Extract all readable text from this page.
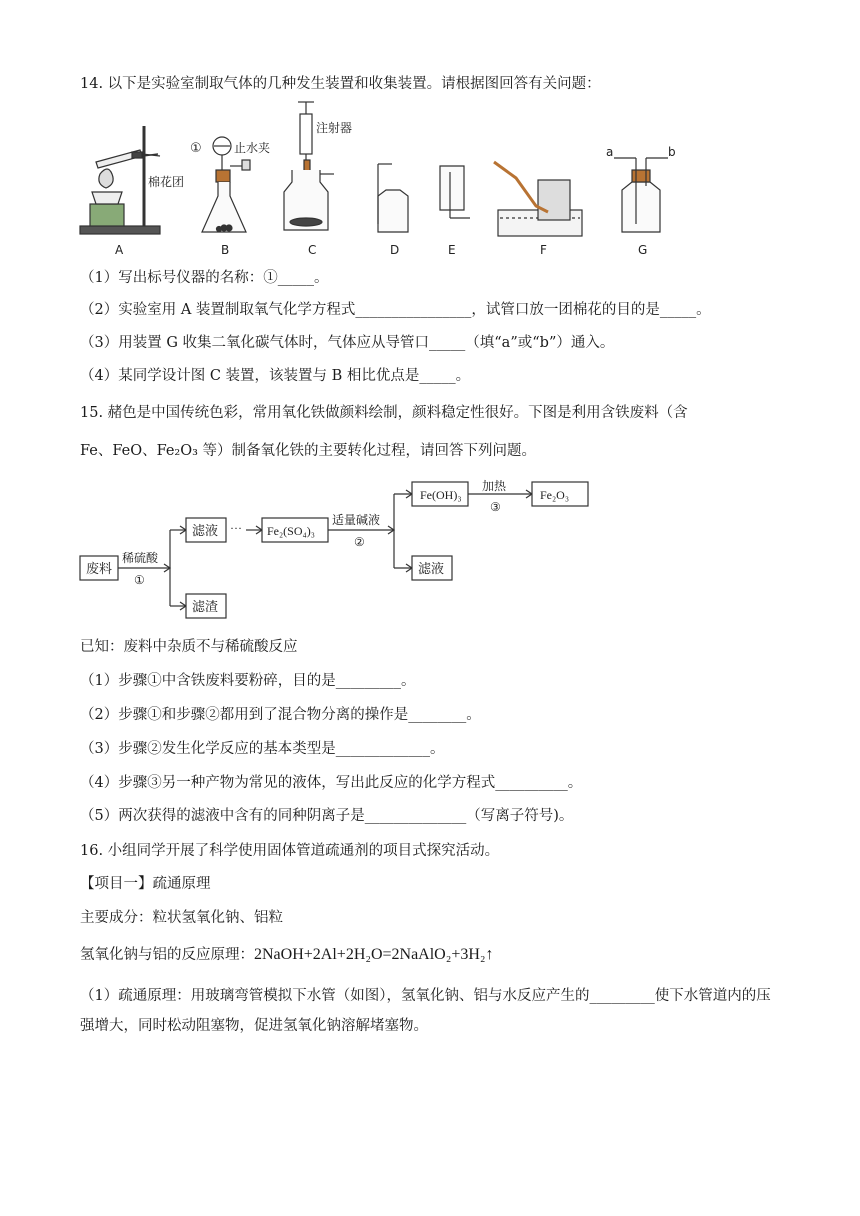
14. 以下是实验室制取气体的几种发生装置和收集装置。请根据图回答有关问题：
棉花团
A
①	止水夹
B
注射器
C	D	E	F
a	b
G
（1）写出标号仪器的名称：①_____。
（2）实验室用 A 装置制取氧气化学方程式________________，试管口放一团棉花的目的是_____。
（3）用装置 G 收集二氧化碳气体时，气体应从导管口_____（填“a”或“b”）通入。
（4）某同学设计图 C 装置，该装置与 B 相比优点是_____。
15. 赭色是中国传统色彩，常用氧化铁做颜料绘制，颜料稳定性很好。下图是利用含铁废料（含
Fe、FeO、Fe₂O₃ 等）制备氧化铁的主要转化过程，请回答下列问题。
废料
稀硫酸
①
滤液 ···
滤渣
Fe₂(SO₄)₃
适量碱液
②
Fe(OH)₃
加热
③
Fe₂O₃
滤液
已知：废料中杂质不与稀硫酸反应
（1）步骤①中含铁废料要粉碎，目的是_________。
（2）步骤①和步骤②都用到了混合物分离的操作是________。
（3）步骤②发生化学反应的基本类型是_____________。
（4）步骤③另一种产物为常见的液体，写出此反应的化学方程式__________。
（5）两次获得的滤液中含有的同种阴离子是______________（写离子符号)。
16. 小组同学开展了科学使用固体管道疏通剂的项目式探究活动。
【项目一】疏通原理
主要成分：粒状氢氧化钠、铝粒
氢氧化钠与铝的反应原理：2NaOH+2Al+2H₂O=2NaAlO₂+3H₂↑
（1）疏通原理：用玻璃弯管模拟下水管（如图），氢氧化钠、铝与水反应产生的_________使下水管道内的压强增大，同时松动阻塞物，促进氢氧化钠溶解堵塞物。
